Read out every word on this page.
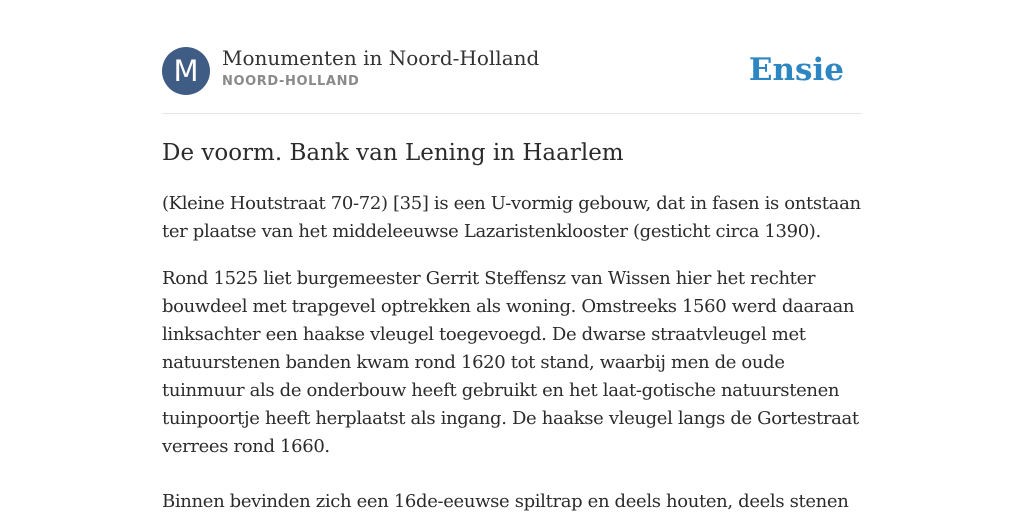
M	Monumenten in Noord-Holland
NOORD-HOLLAND	Ensie
De voorm. Bank van Lening in Haarlem

(Kleine Houtstraat 70-72) [35] is een U-vormig gebouw, dat in fasen is ontstaan ter plaatse van het middeleeuwse Lazaristenklooster (gesticht circa 1390).

Rond 1525 liet burgemeester Gerrit Steffensz van Wissen hier het rechter bouwdeel met trapgevel optrekken als woning. Omstreeks 1560 werd daaraan linksachter een haakse vleugel toegevoegd. De dwarse straatvleugel met natuurstenen banden kwam rond 1620 tot stand, waarbij men de oude tuinmuur als de onderbouw heeft gebruikt en het laat-gotische natuurstenen tuinpoortje heeft herplaatst als ingang. De haakse vleugel langs de Gortestraat verrees rond 1660.

Binnen bevinden zich een 16de-eeuwse spiltrap en deels houten, deels stenen
